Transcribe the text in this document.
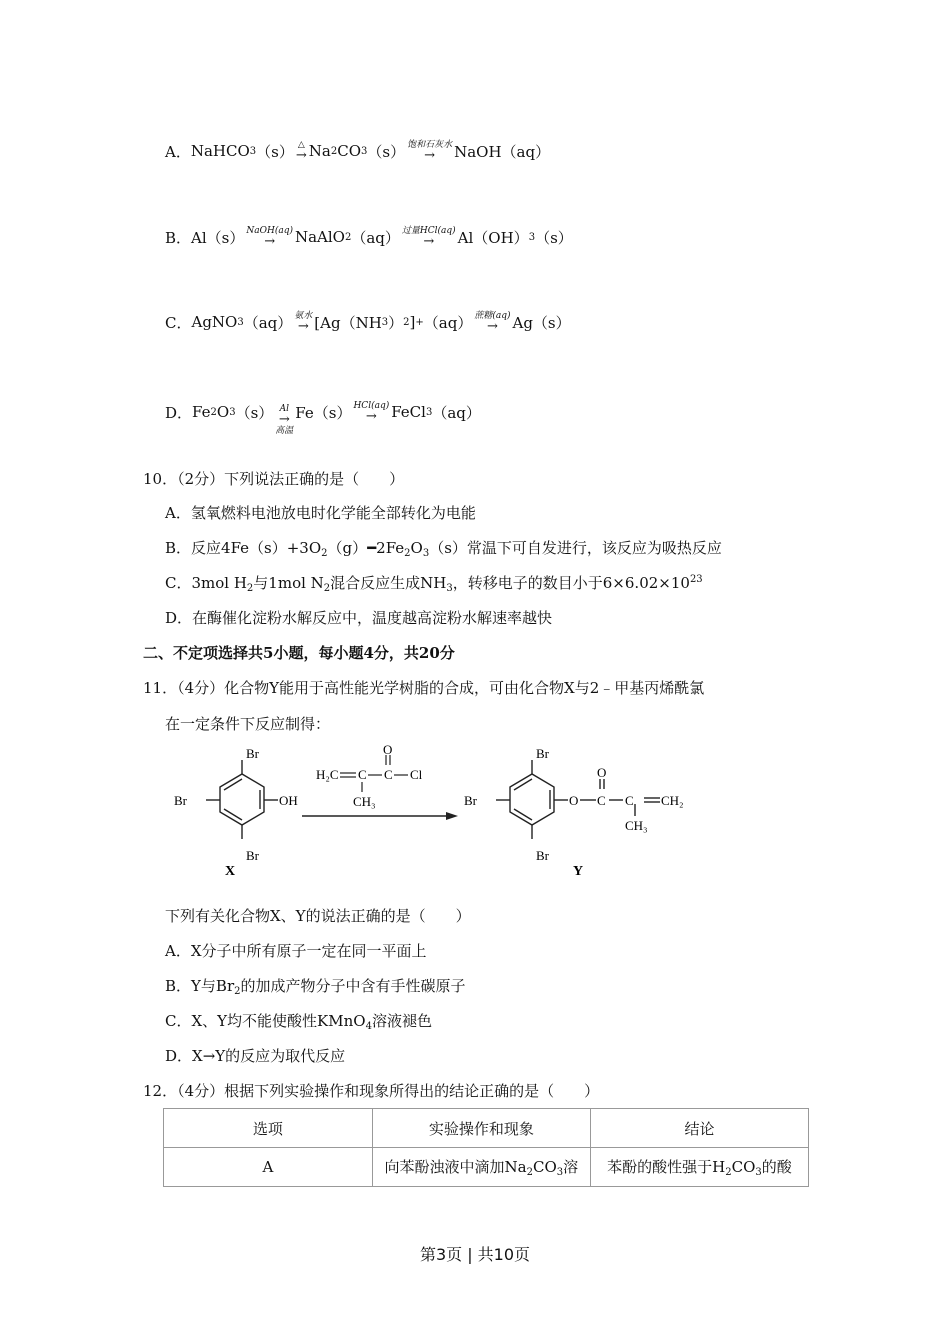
A． NaHCO 3 （s） △
→ Na 2 CO 3 （s） 饱和石灰水
→	NaOH（aq）
B． Al（s） NaOH(aq)
→	NaAlO 2 （aq） 过量HCl(aq)
→	Al（OH） 3 （s）
C． AgNO 3 （aq） 氨水
→ [Ag（NH 3 ） 2 ] + （aq） 蔗糖(aq)
→ Ag（s）
D． Fe 2 O 3 （s） Al
→
高温
Fe（s） HCl(aq)
→ FeCl 3 （aq）
10．（2分）下列说法正确的是（　　）
A．氢氧燃料电池放电时化学能全部转化为电能
B．反应$4Fe(s)+3O_2(g)━2Fe_2O_3(s)$常温下可自发进行，该反应为吸热反应
C．3mol $H_2$与1mol $N_2$混合反应生成$NH_3$，转移电子的数目小于$6\times 6.02\times 10^{23}$
D．在酶催化淀粉水解反应中，温度越高淀粉水解速率越快
二、不定项选择共5小题，每小题4分，共20分
11．（4分）化合物Y能用于高性能光学树脂的合成，可由化合物X与2﹣甲基丙烯酰氯
在一定条件下反应制得：
Br
OH
Br
Br
X
H₂C C C Cl
O
CH₃
Br
Br
Br	O C
O
C CH₂
CH₃
Y
下列有关化合物X、Y的说法正确的是（　　）
A．X分子中所有原子一定在同一平面上
B．Y与$Br_2$的加成产物分子中含有手性碳原子
C．X、Y均不能使酸性KMnO$_4$溶液褪色
D．X→Y的反应为取代反应
12．（4分）根据下列实验操作和现象所得出的结论正确的是（　　）
选项	实验操作和现象	结论
A	向苯酚浊液中滴加$Na_2CO_3$溶	苯酚的酸性强于$H_2CO_3$的酸
第3页 | 共10页
